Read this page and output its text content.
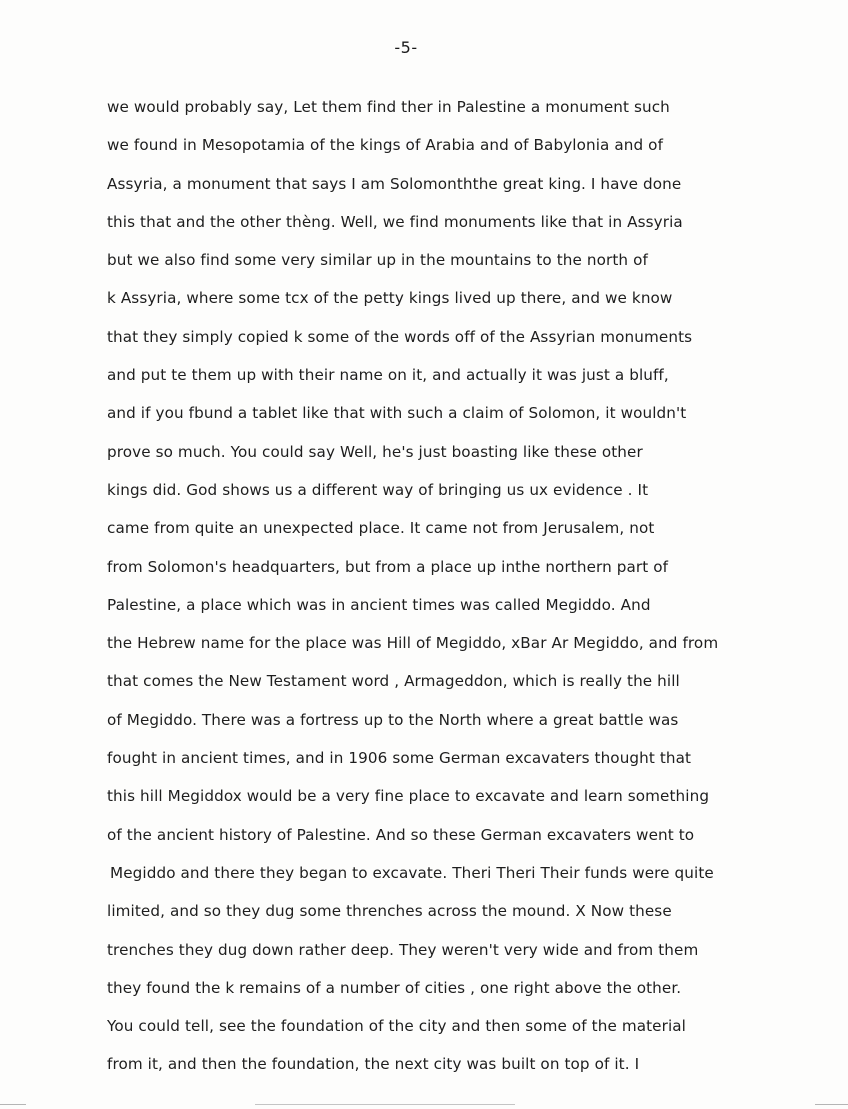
-5-
we would probably say, Let them find ther in Palestine a monument such
we found in Mesopotamia of the kings of Arabia and of Babylonia and of
Assyria, a monument that says I am Solomonththe great king. I have done
this that and the other thèng. Well, we find monuments like that in Assyria
but we also find some very similar up in the mountains to the north of
k Assyria, where some tcx of the petty kings lived up there, and we know
that they simply copied k some of the words off of the Assyrian monuments
and put te them up with their name on it, and actually it was just a bluff,
and if you fbund a tablet like that with such a claim of Solomon, it wouldn't
prove so much. You could say Well, he's just boasting like these other
kings did. God shows us a different way of bringing us ux evidence . It
came from quite an unexpected place. It came not from Jerusalem, not
from Solomon's headquarters, but from a place up inthe northern part of
Palestine, a place which was in ancient times was called Megiddo. And
the Hebrew name for the place was Hill of Megiddo, xBar Ar Megiddo, and from
that comes the New Testament word , Armageddon, which is really the hill
of Megiddo. There was a fortress up to the North where a great battle was
fought in ancient times, and in 1906 some German excavaters thought that
this hill Megiddox would be a very fine place to excavate and learn something
of the ancient history of Palestine. And so these German excavaters went to
Megiddo and there they began to excavate. Theri Theri Their funds were quite
limited, and so they dug some threnches across the mound. X Now these
trenches they dug down rather deep. They weren't very wide and from them
they found the k remains of a number of cities , one right above the other.
You could tell, see the foundation of the city and then some of the material
from it, and then the foundation, the next city was built on top of it. I
